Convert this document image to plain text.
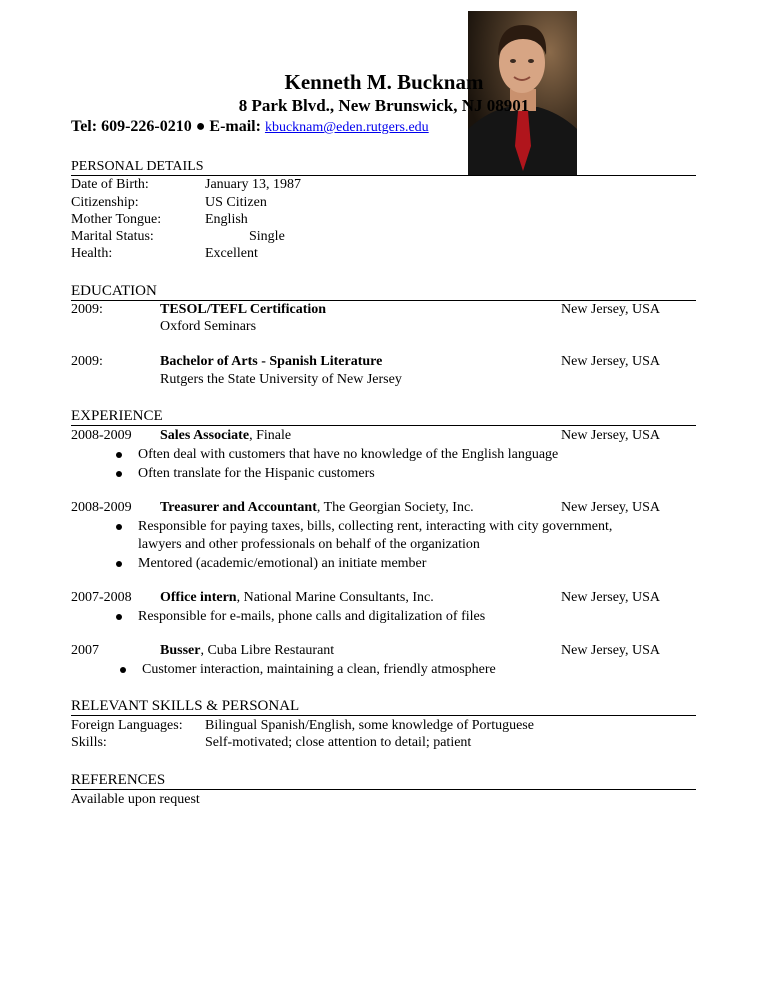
Kenneth M. Bucknam
8 Park Blvd., New Brunswick, NJ 08901
Tel: 609-226-0210 ● E-mail: kbucknam@eden.rutgers.edu
PERSONAL DETAILS
Date of Birth:	January 13, 1987
Citizenship:	US Citizen
Mother Tongue:	English
Marital Status:	Single
Health:	Excellent
EDUCATION
2009:	TESOL/TEFL Certification	New Jersey, USA
Oxford Seminars
2009:	Bachelor of Arts - Spanish Literature	New Jersey, USA
Rutgers the State University of New Jersey
EXPERIENCE
2008-2009 Sales Associate, Finale	New Jersey, USA
Often deal with customers that have no knowledge of the English language
Often translate for the Hispanic customers
2008-2009 Treasurer and Accountant, The Georgian Society, Inc.	New Jersey, USA
Responsible for paying taxes, bills, collecting rent, interacting with city government,
lawyers and other professionals on behalf of the organization
Mentored (academic/emotional) an initiate member
2007-2008 Office intern, National Marine Consultants, Inc.	New Jersey, USA
Responsible for e-mails, phone calls and digitalization of files
2007	Busser, Cuba Libre Restaurant	New Jersey, USA
Customer interaction, maintaining a clean, friendly atmosphere
RELEVANT SKILLS & PERSONAL
Foreign Languages: Bilingual Spanish/English, some knowledge of Portuguese
Skills:	Self-motivated; close attention to detail; patient
REFERENCES
Available upon request
